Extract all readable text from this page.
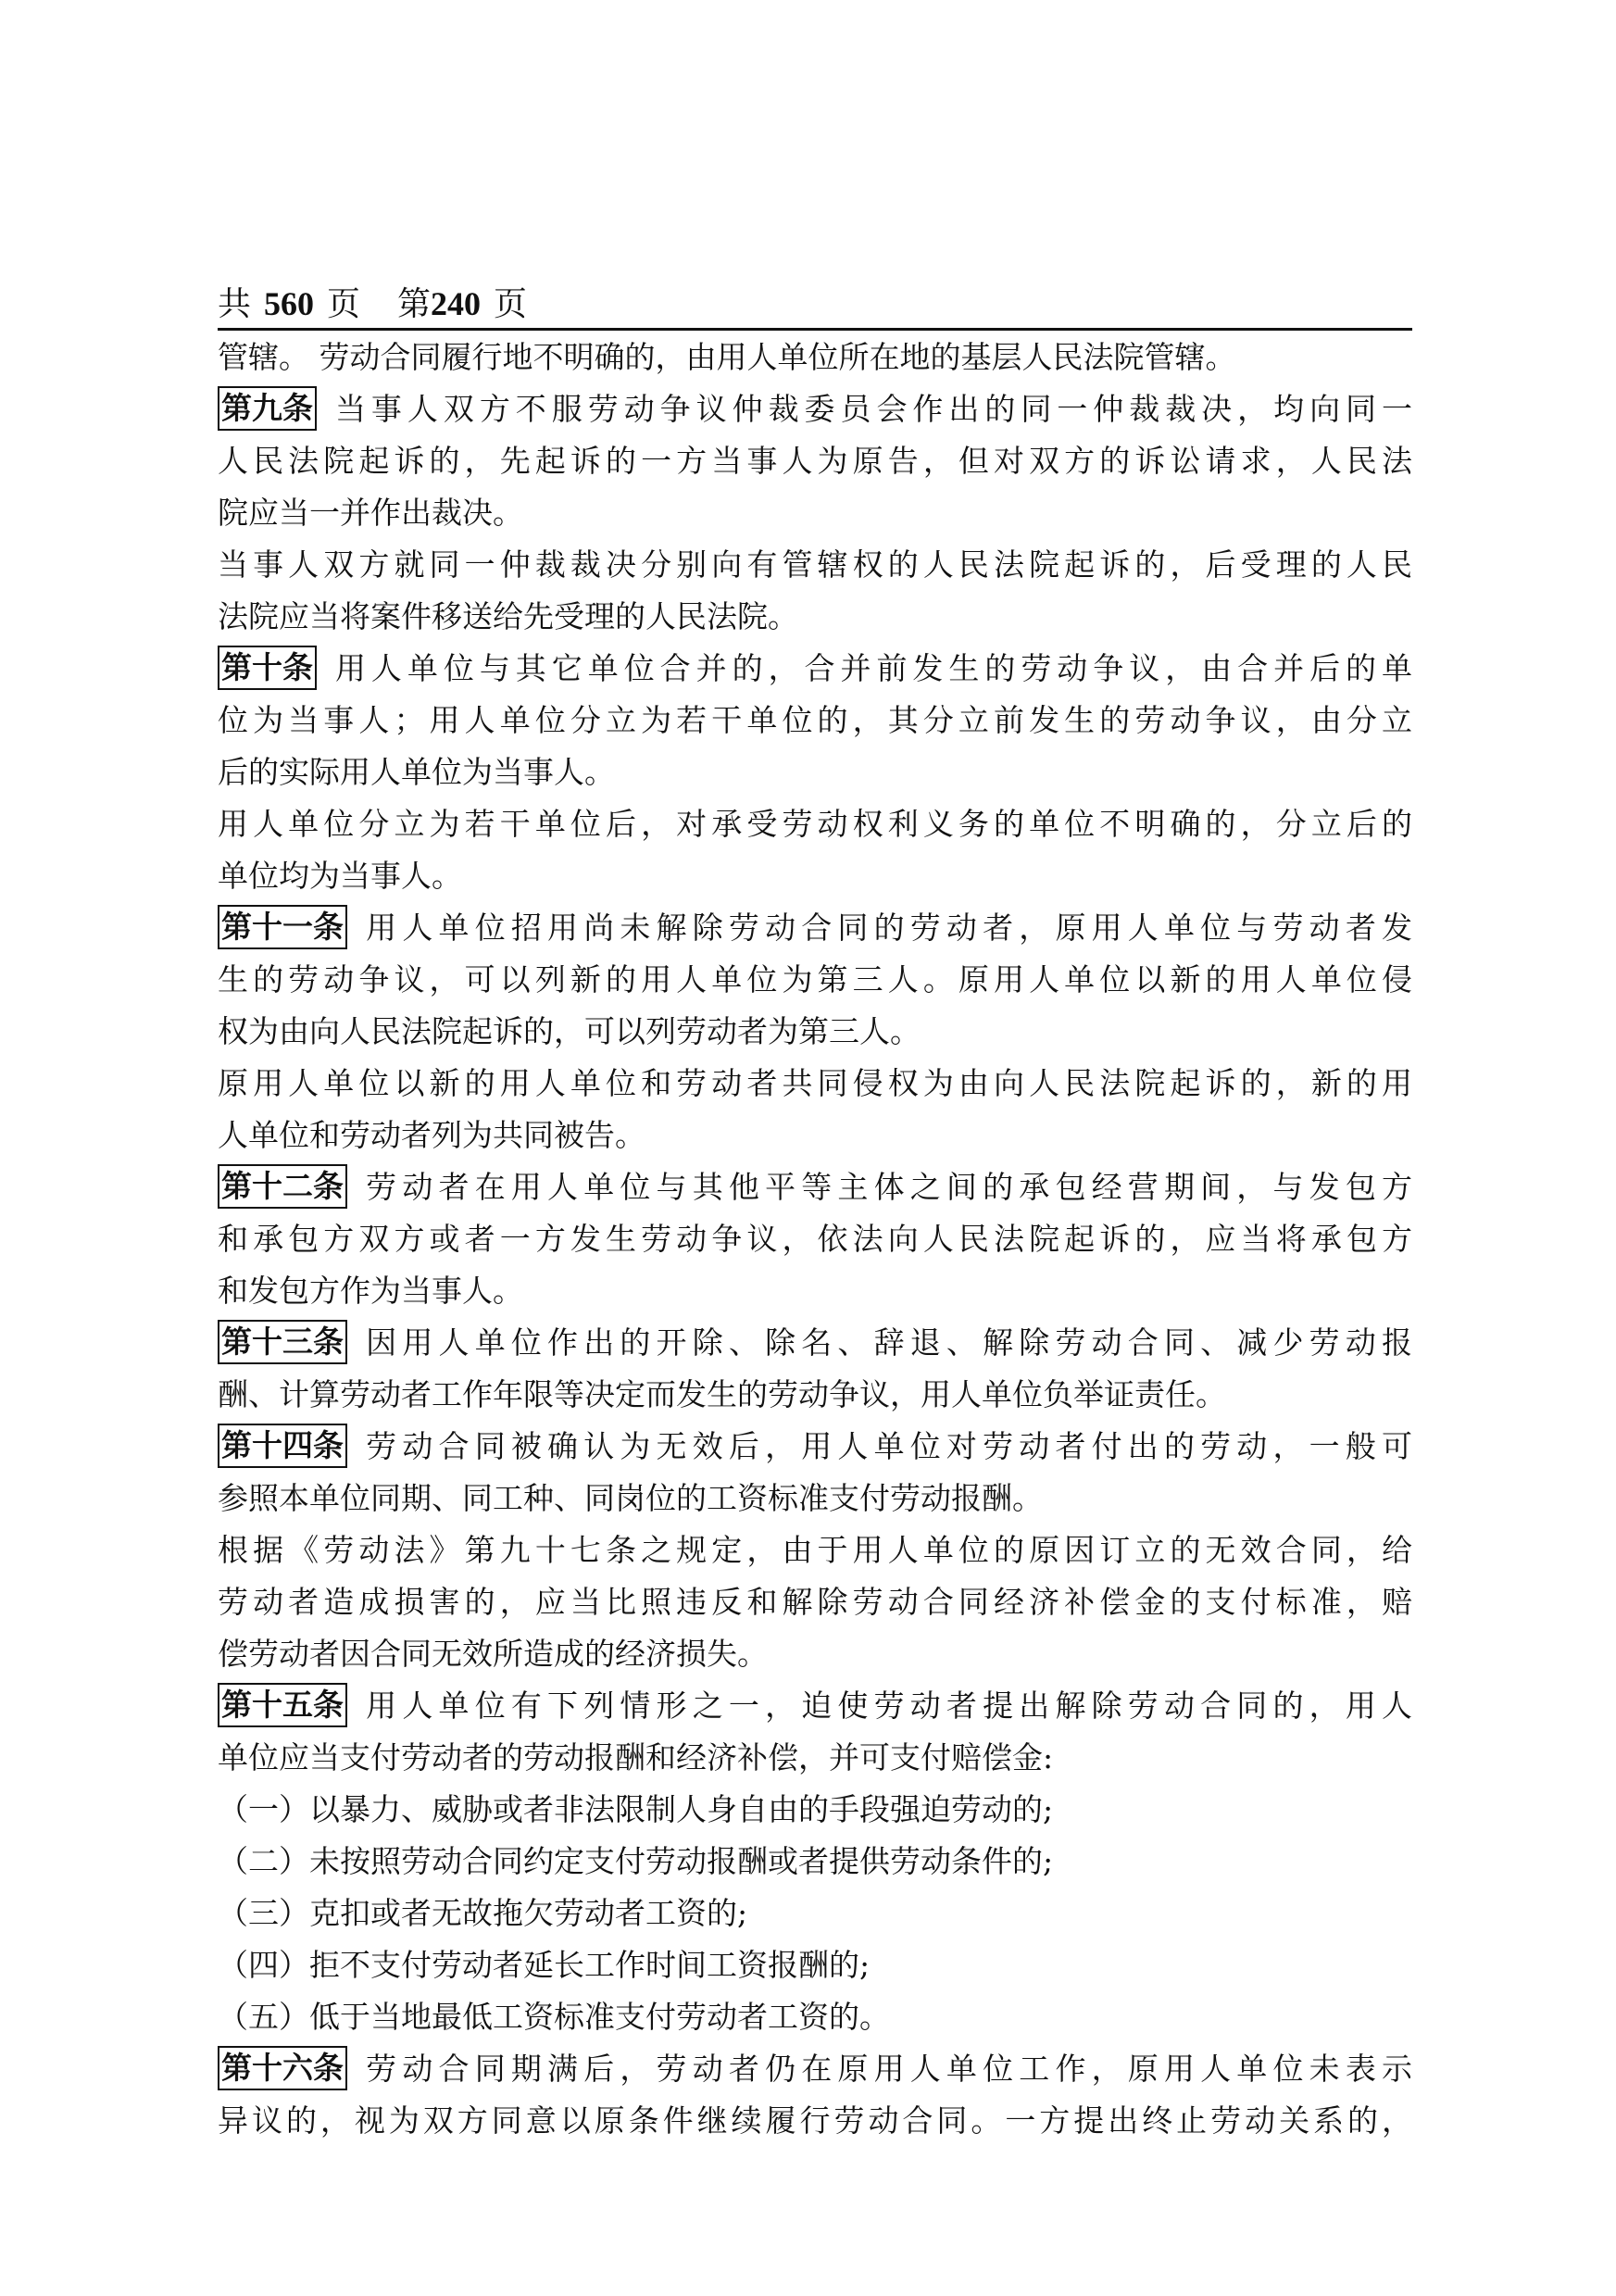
共 560 页 第240 页
管辖。 劳动合同履行地不明确的，由用人单位所在地的基层人民法院管辖。
第九条 当事人双方不服劳动争议仲裁委员会作出的同一仲裁裁决，均向同一
人民法院起诉的，先起诉的一方当事人为原告，但对双方的诉讼请求，人民法
院应当一并作出裁决。
当事人双方就同一仲裁裁决分别向有管辖权的人民法院起诉的，后受理的人民
法院应当将案件移送给先受理的人民法院。
第十条 用人单位与其它单位合并的，合并前发生的劳动争议，由合并后的单
位为当事人；用人单位分立为若干单位的，其分立前发生的劳动争议，由分立
后的实际用人单位为当事人。
用人单位分立为若干单位后，对承受劳动权利义务的单位不明确的，分立后的
单位均为当事人。
第十一条 用人单位招用尚未解除劳动合同的劳动者，原用人单位与劳动者发
生的劳动争议，可以列新的用人单位为第三人。原用人单位以新的用人单位侵
权为由向人民法院起诉的，可以列劳动者为第三人。
原用人单位以新的用人单位和劳动者共同侵权为由向人民法院起诉的，新的用
人单位和劳动者列为共同被告。
第十二条 劳动者在用人单位与其他平等主体之间的承包经营期间，与发包方
和承包方双方或者一方发生劳动争议，依法向人民法院起诉的，应当将承包方
和发包方作为当事人。
第十三条 因用人单位作出的开除、除名、辞退、解除劳动合同、减少劳动报
酬、计算劳动者工作年限等决定而发生的劳动争议，用人单位负举证责任。
第十四条 劳动合同被确认为无效后，用人单位对劳动者付出的劳动，一般可
参照本单位同期、同工种、同岗位的工资标准支付劳动报酬。
根据《劳动法》第九十七条之规定，由于用人单位的原因订立的无效合同，给
劳动者造成损害的，应当比照违反和解除劳动合同经济补偿金的支付标准，赔
偿劳动者因合同无效所造成的经济损失。
第十五条 用人单位有下列情形之一，迫使劳动者提出解除劳动合同的，用人
单位应当支付劳动者的劳动报酬和经济补偿，并可支付赔偿金:
（一）以暴力、威胁或者非法限制人身自由的手段强迫劳动的;
（二）未按照劳动合同约定支付劳动报酬或者提供劳动条件的;
（三）克扣或者无故拖欠劳动者工资的;
（四）拒不支付劳动者延长工作时间工资报酬的;
（五）低于当地最低工资标准支付劳动者工资的。
第十六条 劳动合同期满后，劳动者仍在原用人单位工作，原用人单位未表示
异议的，视为双方同意以原条件继续履行劳动合同。一方提出终止劳动关系的，
